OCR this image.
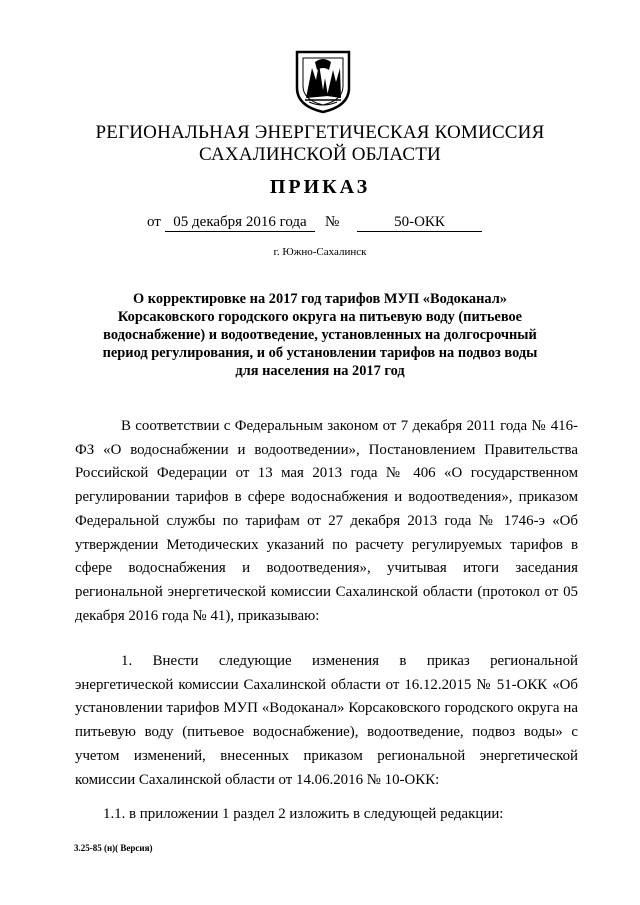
РЕГИОНАЛЬНАЯ ЭНЕРГЕТИЧЕСКАЯ КОМИССИЯ
САХАЛИНСКОЙ ОБЛАСТИ
ПРИКАЗ
от 05 декабря 2016 года	№	50-ОКК
г. Южно-Сахалинск
О корректировке на 2017 год тарифов МУП «Водоканал» Корсаковского городского округа на питьевую воду (питьевое водоснабжение) и водоотведение, установленных на долгосрочный период регулирования, и об установлении тарифов на подвоз воды для населения на 2017 год
В соответствии с Федеральным законом от 7 декабря 2011 года № 416-ФЗ «О водоснабжении и водоотведении», Постановлением Правительства Российской Федерации от 13 мая 2013 года № 406 «О государственном регулировании тарифов в сфере водоснабжения и водоотведения», приказом Федеральной службы по тарифам от 27 декабря 2013 года № 1746-э «Об утверждении Методических указаний по расчету регулируемых тарифов в сфере водоснабжения и водоотведения», учитывая итоги заседания региональной энергетической комиссии Сахалинской области (протокол от 05 декабря 2016 года № 41), приказываю:
1. Внести следующие изменения в приказ региональной энергетической комиссии Сахалинской области от 16.12.2015 № 51-ОКК «Об установлении тарифов МУП «Водоканал» Корсаковского городского округа на питьевую воду (питьевое водоснабжение), водоотведение, подвоз воды» с учетом изменений, внесенных приказом региональной энергетической комиссии Сахалинской области от 14.06.2016 № 10-ОКК:
1.1. в приложении 1 раздел 2 изложить в следующей редакции:
3.25-85 (н)( Версия)
